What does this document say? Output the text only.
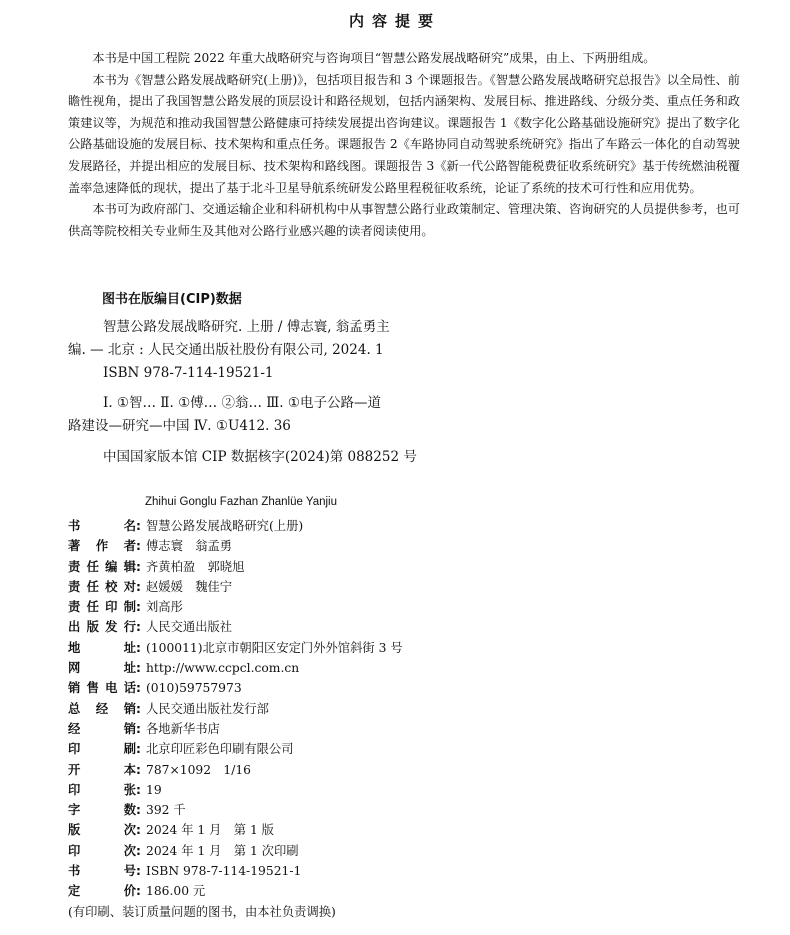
内容提要

本书是中国工程院 2022 年重大战略研究与咨询项目“智慧公路发展战略研究”成果，由上、下两册组成。

本书为《智慧公路发展战略研究(上册)》，包括项目报告和 3 个课题报告。《智慧公路发展战略研究总报告》以全局性、前瞻性视角，提出了我国智慧公路发展的顶层设计和路径规划，包括内涵架构、发展目标、推进路线、分级分类、重点任务和政策建议等，为规范和推动我国智慧公路健康可持续发展提出咨询建议。课题报告 1《数字化公路基础设施研究》提出了数字化公路基础设施的发展目标、技术架构和重点任务。课题报告 2《车路协同自动驾驶系统研究》指出了车路云一体化的自动驾驶发展路径，并提出相应的发展目标、技术架构和路线图。课题报告 3《新一代公路智能税费征收系统研究》基于传统燃油税覆盖率急速降低的现状，提出了基于北斗卫星导航系统研发公路里程税征收系统，论证了系统的技术可行性和应用优势。

本书可为政府部门、交通运输企业和科研机构中从事智慧公路行业政策制定、管理决策、咨询研究的人员提供参考，也可供高等院校相关专业师生及其他对公路行业感兴趣的读者阅读使用。

图书在版编目(CIP)数据
智慧公路发展战略研究. 上册 / 傅志寰, 翁孟勇主
编. — 北京 : 人民交通出版社股份有限公司, 2024. 1
ISBN 978-7-114-19521-1
Ⅰ. ①智… Ⅱ. ①傅… ②翁… Ⅲ. ①电子公路—道
路建设—研究—中国 Ⅳ. ①U412. 36
中国国家版本馆 CIP 数据核字(2024)第 088252 号
Zhihui Gonglu Fazhan Zhanlüe Yanjiu
书	名 : 智慧公路发展战略研究(上册)
著 作 者 : 傅志寰　翁孟勇
责 任 编 辑 : 齐黄柏盈　郭晓旭
责 任 校 对 : 赵媛媛　魏佳宁
责 任 印 制 : 刘高彤
出 版 发 行 : 人民交通出版社
地	址 : (100011)北京市朝阳区安定门外外馆斜街 3 号
网	址 : http://www.ccpcl.com.cn
销 售 电 话 : (010)59757973
总 经 销 : 人民交通出版社发行部
经	销 : 各地新华书店
印	刷 : 北京印匠彩色印刷有限公司
开	本 : 787×1092　1/16
印	张 : 19
字	数 : 392 千
版	次 : 2024 年 1 月　第 1 版
印	次 : 2024 年 1 月　第 1 次印刷
书	号 : ISBN 978-7-114-19521-1
定	价 : 186.00 元
(有印刷、装订质量问题的图书，由本社负责调换)
